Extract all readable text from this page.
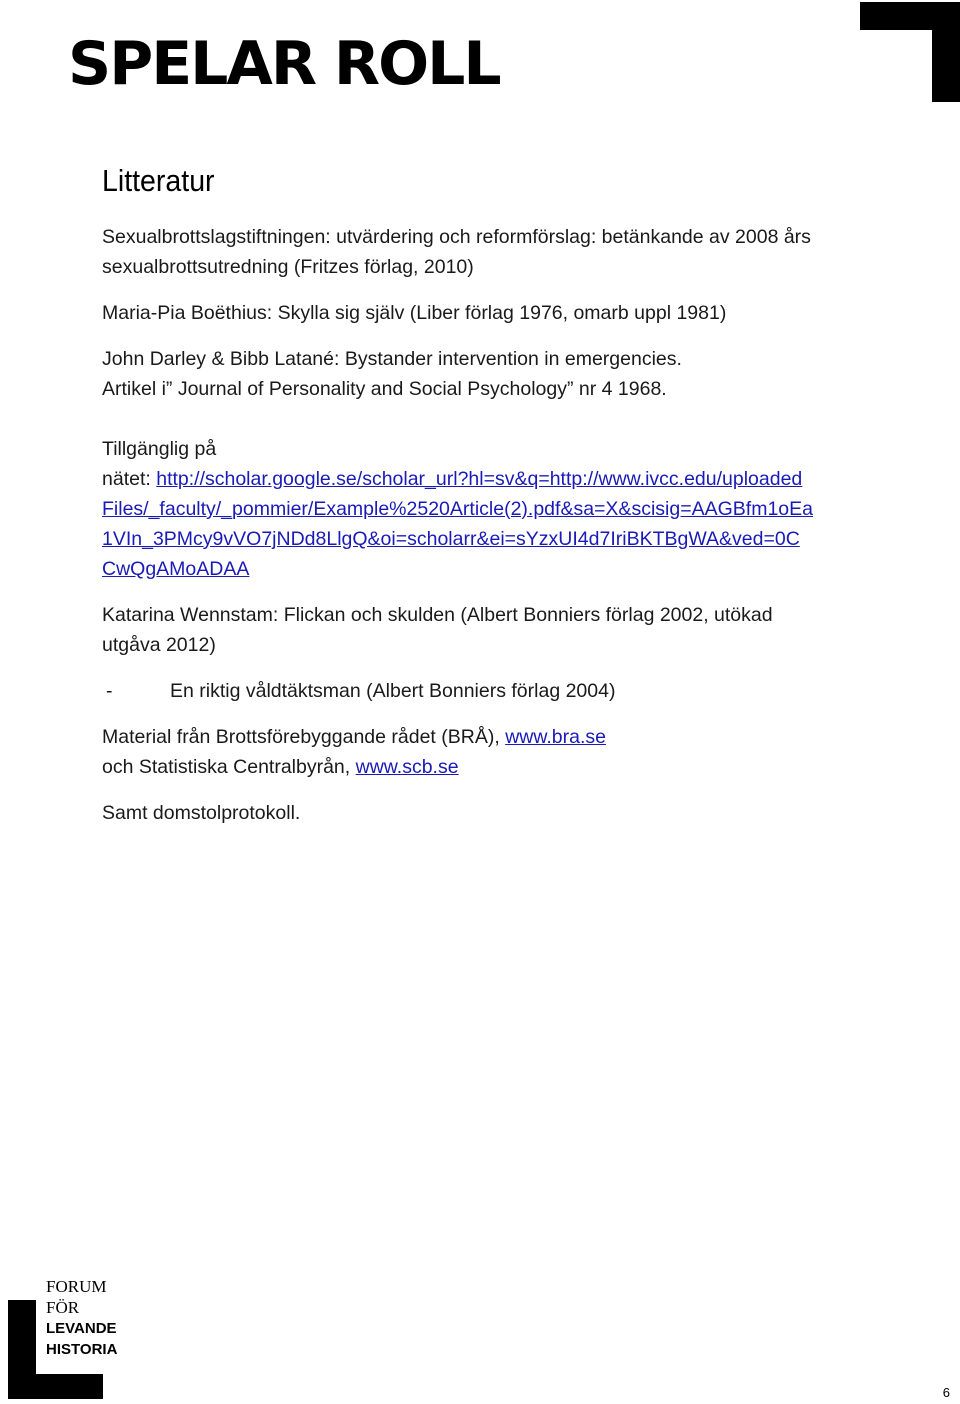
SPELAR ROLL
Litteratur

Sexualbrottslagstiftningen: utvärdering och reformförslag: betänkande av 2008 års
sexualbrottsutredning (Fritzes förlag, 2010)

Maria-Pia Boëthius: Skylla sig själv (Liber förlag 1976, omarb uppl 1981)

John Darley & Bibb Latané: Bystander intervention in emergencies.
Artikel i” Journal of Personality and Social Psychology” nr 4 1968.

Tillgänglig på
nätet: http://scholar.google.se/scholar_url?hl=sv&q=http://www.ivcc.edu/uploaded
Files/_faculty/_pommier/Example%2520Article(2).pdf&sa=X&scisig=AAGBfm1oEa
1VIn_3PMcy9vVO7jNDd8LlgQ&oi=scholarr&ei=sYzxUI4d7IriBKTBgWA&ved=0C
CwQgAMoADAA

Katarina Wennstam: Flickan och skulden (Albert Bonniers förlag 2002, utökad
utgåva 2012)

-	En riktig våldtäktsman (Albert Bonniers förlag 2004)

Material från Brottsförebyggande rådet (BRÅ), www.bra.se
och Statistiska Centralbyrån, www.scb.se

Samt domstolprotokoll.

FORUM
FÖR
LEVANDE
HISTORIA
6
